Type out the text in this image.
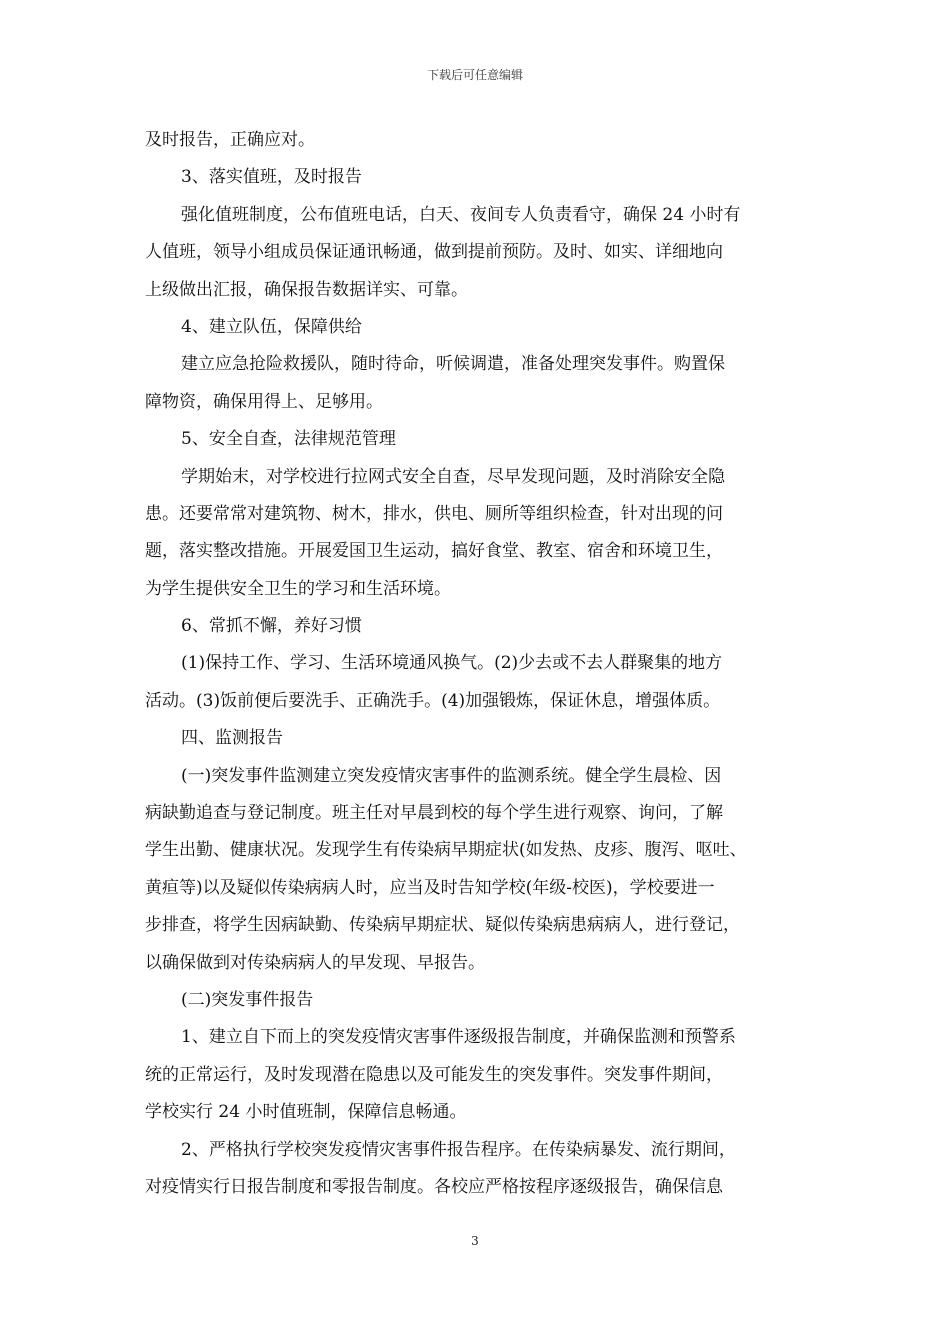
下载后可任意编辑
及时报告，正确应对。
3、落实值班，及时报告
强化值班制度，公布值班电话，白天、夜间专人负责看守，确保 24 小时有
人值班，领导小组成员保证通讯畅通，做到提前预防。及时、如实、详细地向
上级做出汇报，确保报告数据详实、可靠。
4、建立队伍，保障供给
建立应急抢险救援队，随时待命，听候调遣，准备处理突发事件。购置保
障物资，确保用得上、足够用。
5、安全自查，法律规范管理
学期始末，对学校进行拉网式安全自查，尽早发现问题，及时消除安全隐
患。还要常常对建筑物、树木，排水，供电、厕所等组织检查，针对出现的问
题，落实整改措施。开展爱国卫生运动，搞好食堂、教室、宿舍和环境卫生，
为学生提供安全卫生的学习和生活环境。
6、常抓不懈，养好习惯
(1)保持工作、学习、生活环境通风换气。(2)少去或不去人群聚集的地方
活动。(3)饭前便后要洗手、正确洗手。(4)加强锻炼，保证休息，增强体质。
四、监测报告
(一)突发事件监测建立突发疫情灾害事件的监测系统。健全学生晨检、因
病缺勤追查与登记制度。班主任对早晨到校的每个学生进行观察、询问，了解
学生出勤、健康状况。发现学生有传染病早期症状(如发热、皮疹、腹泻、呕吐、
黄疸等)以及疑似传染病病人时，应当及时告知学校(年级-校医)，学校要进一
步排查，将学生因病缺勤、传染病早期症状、疑似传染病患病病人，进行登记，
以确保做到对传染病病人的早发现、早报告。
(二)突发事件报告
1、建立自下而上的突发疫情灾害事件逐级报告制度，并确保监测和预警系
统的正常运行，及时发现潜在隐患以及可能发生的突发事件。突发事件期间，
学校实行 24 小时值班制，保障信息畅通。
2、严格执行学校突发疫情灾害事件报告程序。在传染病暴发、流行期间，
对疫情实行日报告制度和零报告制度。各校应严格按程序逐级报告，确保信息
3
